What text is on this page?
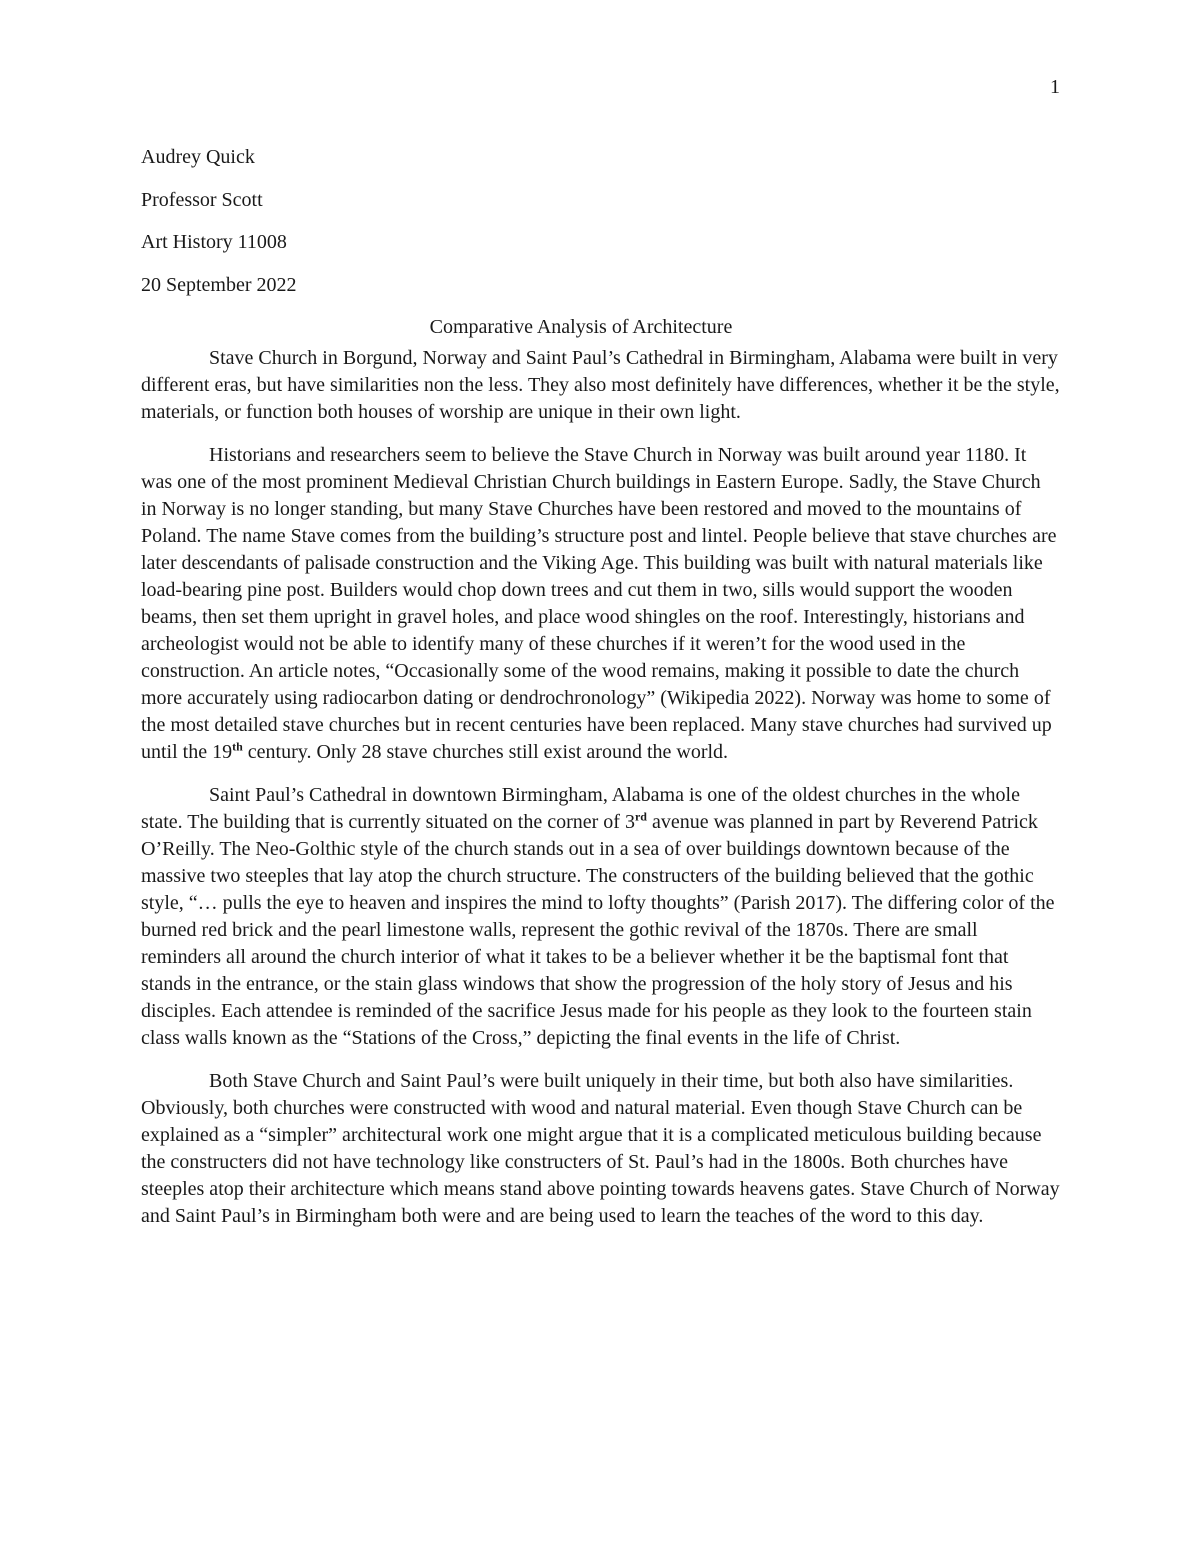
1
Audrey Quick
Professor Scott
Art History 11008
20 September 2022
Comparative Analysis of Architecture

Stave Church in Borgund, Norway and Saint Paul’s Cathedral in Birmingham, Alabama were built in very different eras, but have similarities non the less. They also most definitely have differences, whether it be the style, materials, or function both houses of worship are unique in their own light.

Historians and researchers seem to believe the Stave Church in Norway was built around year 1180. It was one of the most prominent Medieval Christian Church buildings in Eastern Europe. Sadly, the Stave Church in Norway is no longer standing, but many Stave Churches have been restored and moved to the mountains of Poland. The name Stave comes from the building’s structure post and lintel. People believe that stave churches are later descendants of palisade construction and the Viking Age. This building was built with natural materials like load-bearing pine post. Builders would chop down trees and cut them in two, sills would support the wooden beams, then set them upright in gravel holes, and place wood shingles on the roof. Interestingly, historians and archeologist would not be able to identify many of these churches if it weren’t for the wood used in the construction. An article notes, “Occasionally some of the wood remains, making it possible to date the church more accurately using radiocarbon dating or dendrochronology” (Wikipedia 2022). Norway was home to some of the most detailed stave churches but in recent centuries have been replaced. Many stave churches had survived up until the 19th century. Only 28 stave churches still exist around the world.

Saint Paul’s Cathedral in downtown Birmingham, Alabama is one of the oldest churches in the whole state. The building that is currently situated on the corner of 3rd avenue was planned in part by Reverend Patrick O’Reilly. The Neo-Golthic style of the church stands out in a sea of over buildings downtown because of the massive two steeples that lay atop the church structure. The constructers of the building believed that the gothic style, “… pulls the eye to heaven and inspires the mind to lofty thoughts” (Parish 2017). The differing color of the burned red brick and the pearl limestone walls, represent the gothic revival of the 1870s. There are small reminders all around the church interior of what it takes to be a believer whether it be the baptismal font that stands in the entrance, or the stain glass windows that show the progression of the holy story of Jesus and his disciples. Each attendee is reminded of the sacrifice Jesus made for his people as they look to the fourteen stain class walls known as the “Stations of the Cross,” depicting the final events in the life of Christ.

Both Stave Church and Saint Paul’s were built uniquely in their time, but both also have similarities. Obviously, both churches were constructed with wood and natural material. Even though Stave Church can be explained as a “simpler” architectural work one might argue that it is a complicated meticulous building because the constructers did not have technology like constructers of St. Paul’s had in the 1800s. Both churches have steeples atop their architecture which means stand above pointing towards heavens gates. Stave Church of Norway and Saint Paul’s in Birmingham both were and are being used to learn the teaches of the word to this day.
